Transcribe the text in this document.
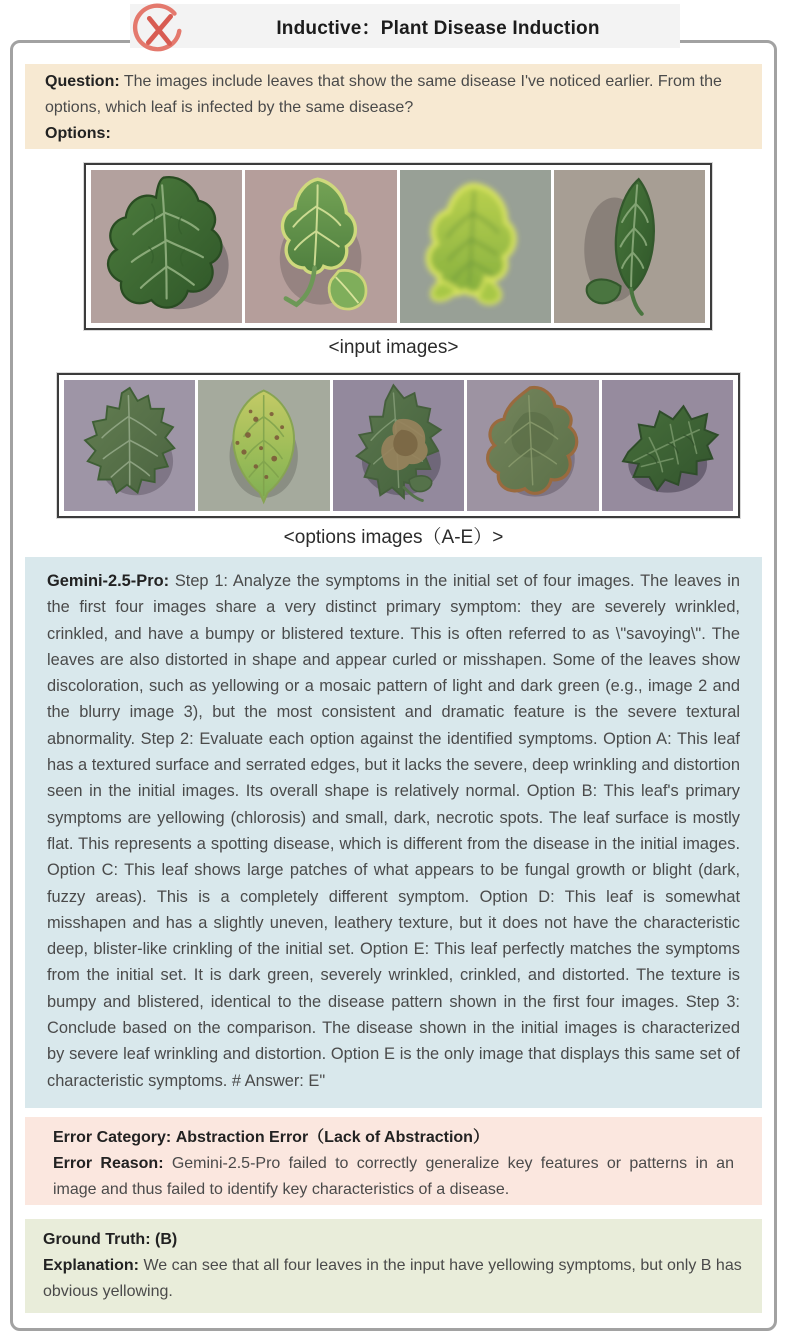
Inductive：Plant Disease Induction
Question: The images include leaves that show the same disease I've noticed earlier. From the options, which leaf is infected by the same disease?
Options:
<input images>
<options images（A-E）>
Gemini-2.5-Pro: Step 1: Analyze the symptoms in the initial set of four images. The leaves in the first four images share a very distinct primary symptom: they are severely wrinkled, crinkled, and have a bumpy or blistered texture. This is often referred to as \"savoying\". The leaves are also distorted in shape and appear curled or misshapen. Some of the leaves show discoloration, such as yellowing or a mosaic pattern of light and dark green (e.g., image 2 and the blurry image 3), but the most consistent and dramatic feature is the severe textural abnormality. Step 2: Evaluate each option against the identified symptoms. Option A: This leaf has a textured surface and serrated edges, but it lacks the severe, deep wrinkling and distortion seen in the initial images. Its overall shape is relatively normal. Option B: This leaf's primary symptoms are yellowing (chlorosis) and small, dark, necrotic spots. The leaf surface is mostly flat. This represents a spotting disease, which is different from the disease in the initial images. Option C: This leaf shows large patches of what appears to be fungal growth or blight (dark, fuzzy areas). This is a completely different symptom. Option D: This leaf is somewhat misshapen and has a slightly uneven, leathery texture, but it does not have the characteristic deep, blister-like crinkling of the initial set. Option E: This leaf perfectly matches the symptoms from the initial set. It is dark green, severely wrinkled, crinkled, and distorted. The texture is bumpy and blistered, identical to the disease pattern shown in the first four images. Step 3: Conclude based on the comparison. The disease shown in the initial images is characterized by severe leaf wrinkling and distortion. Option E is the only image that displays this same set of characteristic symptoms. # Answer: E"
Error Category: Abstraction Error（Lack of Abstraction）
Error Reason: Gemini-2.5-Pro failed to correctly generalize key features or patterns in an image and thus failed to identify key characteristics of a disease.
Ground Truth: (B)
Explanation: We can see that all four leaves in the input have yellowing symptoms, but only B has obvious yellowing.
